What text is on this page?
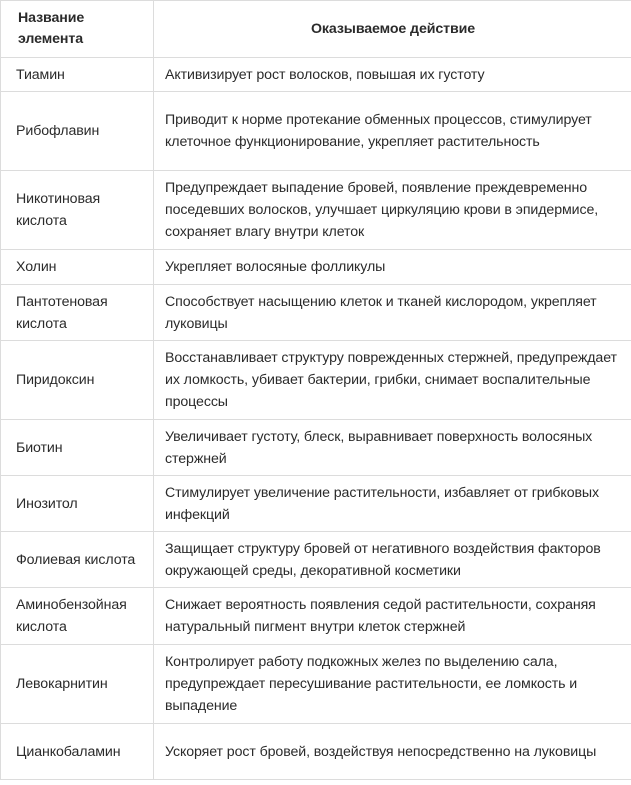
Название элемента	Оказываемое действие
Тиамин	Активизирует рост волосков, повышая их густоту
Рибофлавин	Приводит к норме протекание обменных процессов, стимулирует клеточное функционирование, укрепляет растительность
Никотиновая кислота	Предупреждает выпадение бровей, появление преждевременно поседевших волосков, улучшает циркуляцию крови в эпидермисе, сохраняет влагу внутри клеток
Холин	Укрепляет волосяные фолликулы
Пантотеновая кислота	Способствует насыщению клеток и тканей кислородом, укрепляет луковицы
Пиридоксин	Восстанавливает структуру поврежденных стержней, предупреждает их ломкость, убивает бактерии, грибки, снимает воспалительные процессы
Биотин	Увеличивает густоту, блеск, выравнивает поверхность волосяных стержней
Инозитол	Стимулирует увеличение растительности, избавляет от грибковых инфекций
Фолиевая кислота	Защищает структуру бровей от негативного воздействия факторов окружающей среды, декоративной косметики
Аминобензойная кислота	Снижает вероятность появления седой растительности, сохраняя натуральный пигмент внутри клеток стержней
Левокарнитин	Контролирует работу подкожных желез по выделению сала, предупреждает пересушивание растительности, ее ломкость и выпадение
Цианкобаламин	Ускоряет рост бровей, воздействуя непосредственно на луковицы
